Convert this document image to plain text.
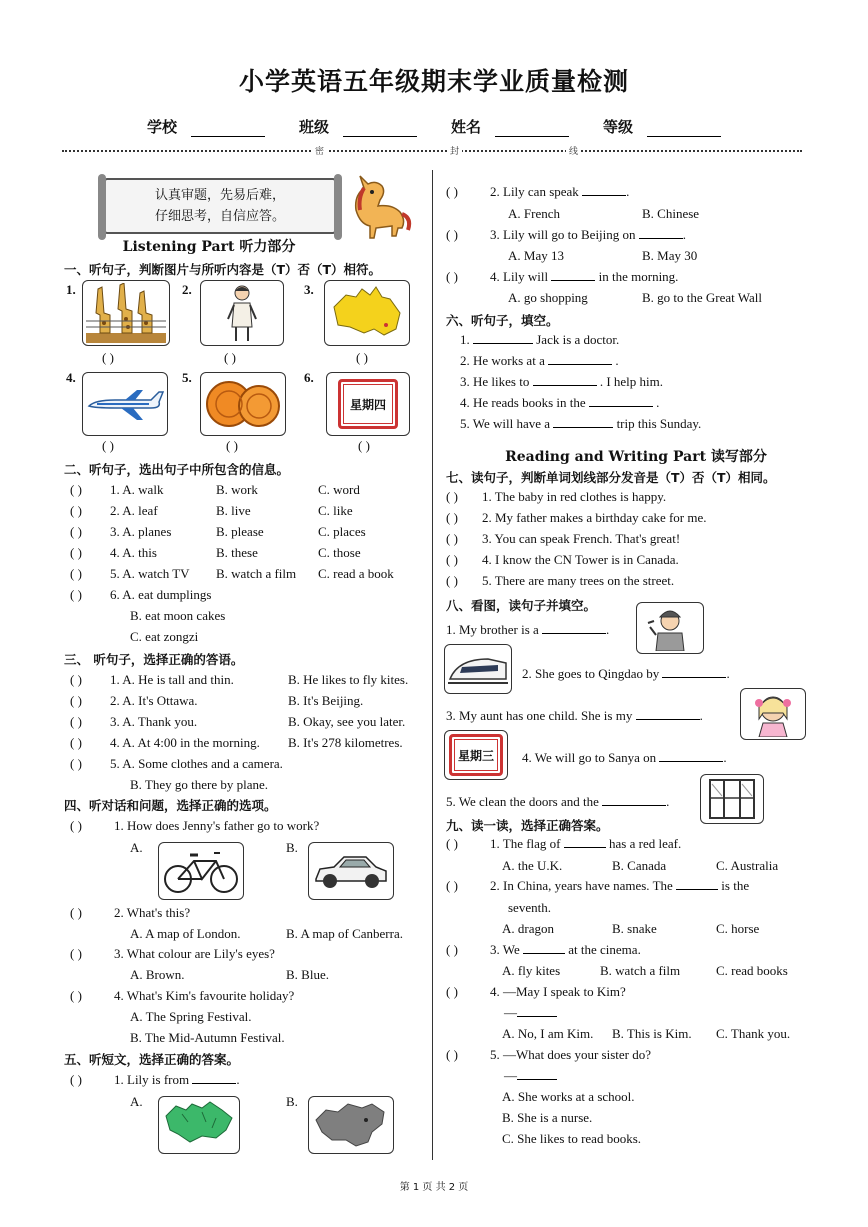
小学英语五年级期末学业质量检测
学校	班级	姓名	等级
密	封	线
认真审题，先易后难，
仔细思考，自信应答。
Listening Part 听力部分
一、听句子，判断图片与所听内容是（T）否（T）相符。
1.
( )
2.
( )
3.
( )
4.
( )
5.
( )
6.
星期四
( )
二、听句子，选出句子中所包含的信息。
( ) 1. A. walk	B. work	C. word
( ) 2. A. leaf	B. live	C. like
( ) 3. A. planes	B. please	C. places
( ) 4. A. this	B. these	C. those
( ) 5. A. watch TV B. watch a film C. read a book
( ) 6. A. eat dumplings
B. eat moon cakes
C. eat zongzi
三、 听句子，选择正确的答语。
( ) 1. A. He is tall and thin.	B. He likes to fly kites.
( ) 2. A. It's Ottawa.	B. It's Beijing.
( ) 3. A. Thank you.	B. Okay, see you later.
( ) 4. A. At 4:00 in the morning. B. It's 278 kilometres.
( ) 5. A. Some clothes and a camera.
B. They go there by plane.
四、听对话和问题，选择正确的选项。
( ) 1. How does Jenny's father go to work?
A.	B.
( ) 2. What's this?
A. A map of London.	B. A map of Canberra.
( ) 3. What colour are Lily's eyes?
A. Brown.	B. Blue.
( ) 4. What's Kim's favourite holiday?
A. The Spring Festival.
B. The Mid-Autumn Festival.
五、听短文，选择正确的答案。
( ) 1. Lily is from	.
A.	B.
( ) 2. Lily can speak	.
A. French	B. Chinese
( ) 3. Lily will go to Beijing on	.
A. May 13	B. May 30
( ) 4. Lily will	in the morning.
A. go shopping	B. go to the Great Wall
六、听句子，填空。
1.	Jack is a doctor.
2. He works at a	.
3. He likes to	. I help him.
4. He reads books in the	.
5. We will have a	trip this Sunday.
Reading and Writing Part 读写部分
七、读句子，判断单词划线部分发音是（T）否（T）相同。
( ) 1. The baby in red clothes is happy.
( ) 2. My father makes a birthday cake for me.
( ) 3. You can speak French. That's great!
( ) 4. I know the CN Tower is in Canada.
( ) 5. There are many trees on the street.
八、看图，读句子并填空。
1. My brother is a	.
2. She goes to Qingdao by	.
3. My aunt has one child. She is my	.
星期三 4. We will go to Sanya on	.
5. We clean the doors and the	.
九、读一读，选择正确答案。
( ) 1. The flag of	has a red leaf.
A. the U.K.	B. Canada	C. Australia
( ) 2. In China, years have names. The	is the
seventh.
A. dragon	B. snake	C. horse
( ) 3. We	at the cinema.
A. fly kites	B. watch a film	C. read books
( ) 4. —May I speak to Kim?
—
A. No, I am Kim. B. This is Kim. C. Thank you.
( ) 5. —What does your sister do?
—
A. She works at a school.
B. She is a nurse.
C. She likes to read books.
第 1 页 共 2 页
